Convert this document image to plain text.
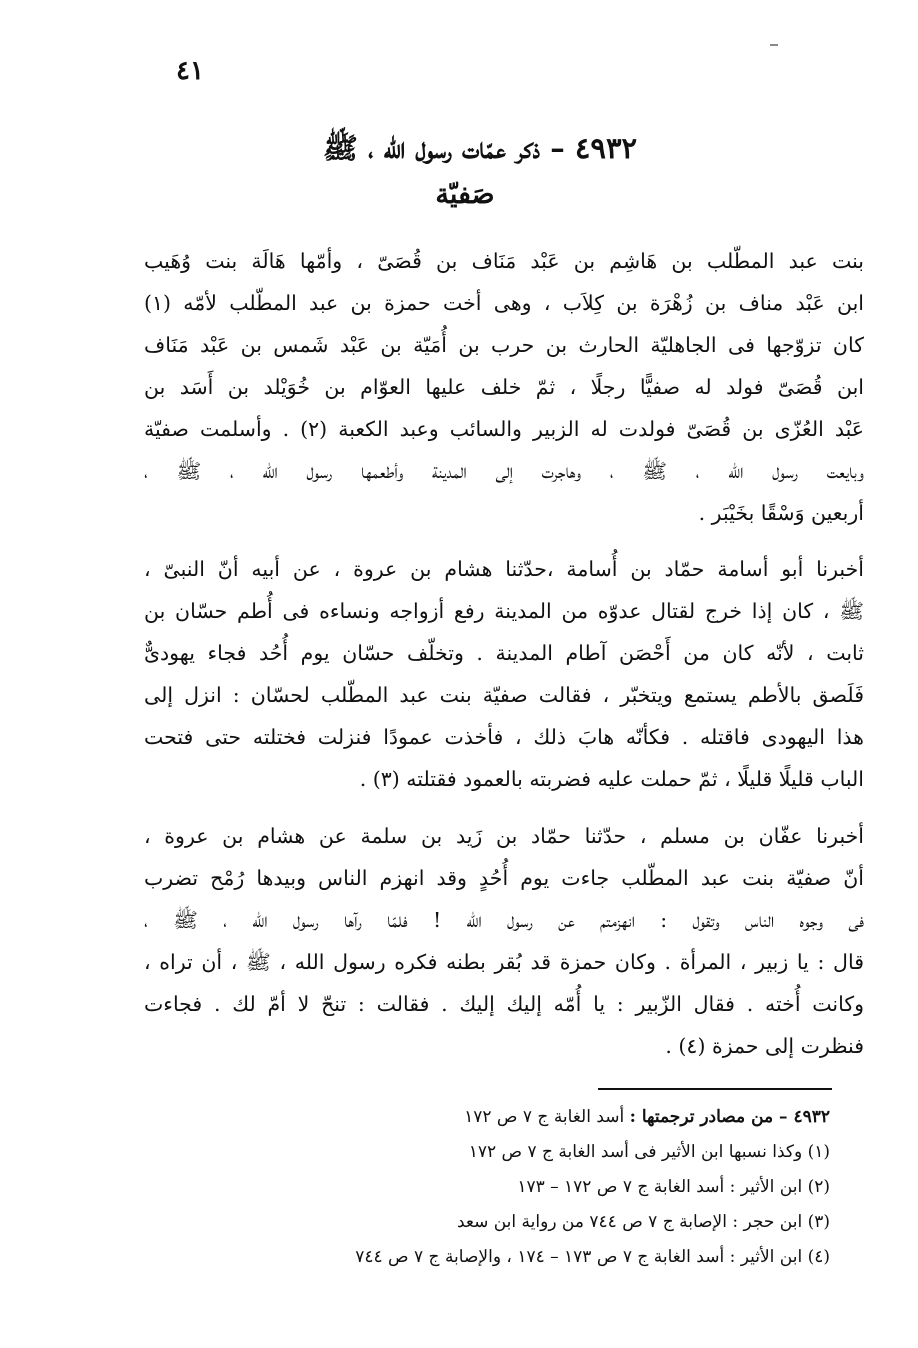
٤١
٤٩٣٢ – ذكر عمّات رسول الله ، ﷺ
صَفيّة
بنت عبد المطّلب بن هَاشِم بن عَبْد مَنَاف بن قُصَىّ ، وأمّها هَالَة بنت وُهَيب
ابن عَبْد مناف بن زُهْرَة بن كِلاَب ، وهى أخت حمزة بن عبد المطّلب لأمّه (١)
كان تزوّجها فى الجاهليّة الحارث بن حرب بن أُمَيّة بن عَبْد شَمس بن عَبْد مَنَاف
ابن قُصَىّ فولد له صفيًّا رجلًا ، ثمّ خلف عليها العوّام بن خُوَيْلد بن أَسَد بن
عَبْد العُزّى بن قُصَىّ فولدت له الزبير والسائب وعبد الكعبة (٢) . وأسلمت صفيّة
وبايعت رسول الله ، ﷺ ، وهاجرت إلى المدينة وأطعمها رسول الله ، ﷺ ،
أربعين وَسْقًا بخَيْبَر .
أخبرنا أبو أسامة حمّاد بن أُسامة ،حدّثنا هشام بن عروة ، عن أبيه أنّ النبىّ ،
ﷺ ، كان إذا خرج لقتال عدوّه من المدينة رفع أزواجه ونساءه فى أُطم حسّان بن
ثابت ، لأنّه كان من أَحْصَن آطام المدينة . وتخلّف حسّان يوم أُحُد فجاء يهودىٌّ
فَلَصق بالأطم يستمع ويتخبّر ، فقالت صفيّة بنت عبد المطّلب لحسّان : انزل إلى
هذا اليهودى فاقتله . فكأنّه هابَ ذلك ، فأخذت عمودًا فنزلت فختلته حتى فتحت
الباب قليلًا قليلًا ، ثمّ حملت عليه فضربته بالعمود فقتلته (٣) .
أخبرنا عفّان بن مسلم ، حدّثنا حمّاد بن زَيد بن سلمة عن هشام بن عروة ،
أنّ صفيّة بنت عبد المطّلب جاءت يوم أُحُدٍ وقد انهزم الناس وبيدها رُمْح تضرب
فى وجوه الناس وتقول : انهزمتم عن رسول الله ! فلمّا رآها رسول الله ، ﷺ ،
قال : يا زبير ، المرأة . وكان حمزة قد بُقر بطنه فكره رسول الله ، ﷺ ، أن تراه ،
وكانت أُخته . فقال الزّبير : يا أُمّه إليك إليك . فقالت : تنحّ لا أمّ لك . فجاءت
فنظرت إلى حمزة (٤) .
٤٩٣٢ – من مصادر ترجمتها : أسد الغابة ج ٧ ص ١٧٢
(١) وكذا نسبها ابن الأثير فى أسد الغابة ج ٧ ص ١٧٢
(٢) ابن الأثير : أسد الغابة ج ٧ ص ١٧٢ – ١٧٣
(٣) ابن حجر : الإصابة ج ٧ ص ٧٤٤ من رواية ابن سعد
(٤) ابن الأثير : أسد الغابة ج ٧ ص ١٧٣ – ١٧٤ ، والإصابة ج ٧ ص ٧٤٤
